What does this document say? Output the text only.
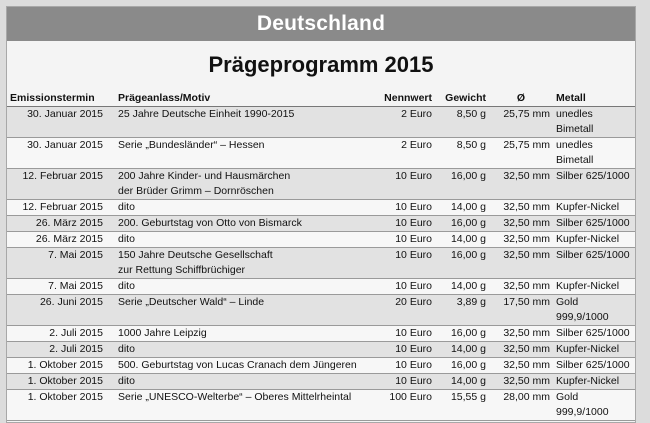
Deutschland
Prägeprogramm 2015
Emissionstermin	Prägeanlass/Motiv	Nennwert	Gewicht	Ø	Metall
30. Januar 2015	25 Jahre Deutsche Einheit 1990-2015	2 Euro	8,50 g	25,75 mm	unedles Bimetall
30. Januar 2015	Serie „Bundesländer“ – Hessen	2 Euro	8,50 g	25,75 mm	unedles Bimetall
12. Februar 2015	200 Jahre Kinder- und Hausmärchen
der Brüder Grimm – Dornröschen	10 Euro	16,00 g	32,50 mm	Silber 625/1000
12. Februar 2015	dito	10 Euro	14,00 g	32,50 mm	Kupfer-Nickel
26. März 2015	200. Geburtstag von Otto von Bismarck	10 Euro	16,00 g	32,50 mm	Silber 625/1000
26. März 2015	dito	10 Euro	14,00 g	32,50 mm	Kupfer-Nickel
7. Mai 2015	150 Jahre Deutsche Gesellschaft
zur Rettung Schiffbrüchiger	10 Euro	16,00 g	32,50 mm	Silber 625/1000
7. Mai 2015	dito	10 Euro	14,00 g	32,50 mm	Kupfer-Nickel
26. Juni 2015	Serie „Deutscher Wald“ – Linde	20 Euro	3,89 g	17,50 mm	Gold 999,9/1000
2. Juli 2015	1000 Jahre Leipzig	10 Euro	16,00 g	32,50 mm	Silber 625/1000
2. Juli 2015	dito	10 Euro	14,00 g	32,50 mm	Kupfer-Nickel
1. Oktober 2015	500. Geburtstag von Lucas Cranach dem Jüngeren	10 Euro	16,00 g	32,50 mm	Silber 625/1000
1. Oktober 2015	dito	10 Euro	14,00 g	32,50 mm	Kupfer-Nickel
1. Oktober 2015	Serie „UNESCO-Welterbe“ – Oberes Mittelrheintal	100 Euro	15,55 g	28,00 mm	Gold 999,9/1000
